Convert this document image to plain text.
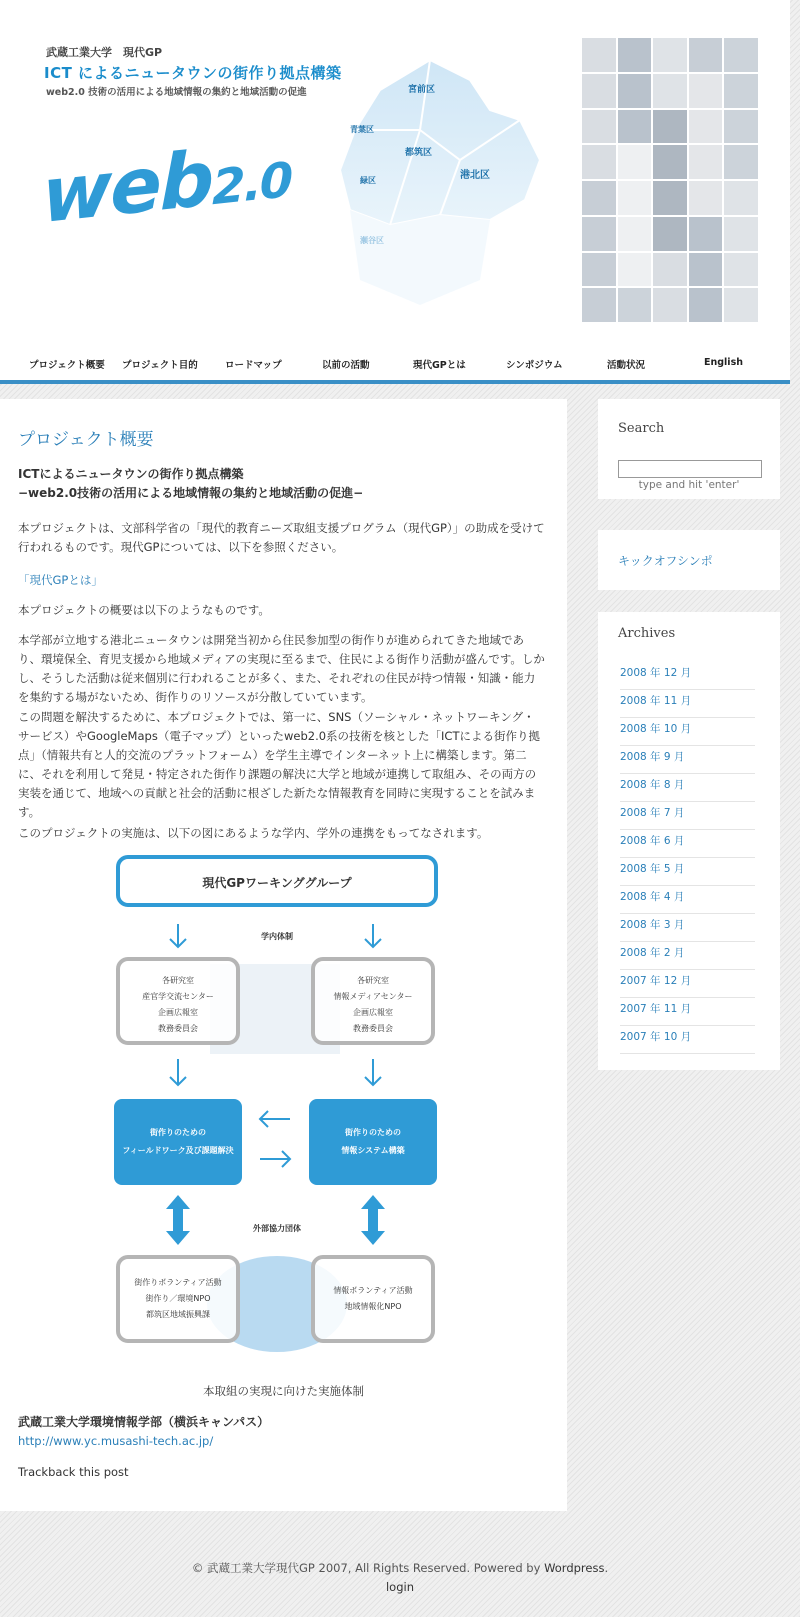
武蔵工業大学　現代GP
ICT によるニュータウンの街作り拠点構築
web2.0 技術の活用による地域情報の集約と地域活動の促進
web2.0
宮前区
青葉区
都筑区
港北区
緑区
瀬谷区
プロジェクト概要 プロジェクト目的	ロードマップ	以前の活動	現代GPとは	シンポジウム	活動状況	English
プロジェクト概要
ICTによるニュータウンの街作り拠点構築
−web2.0技術の活用による地域情報の集約と地域活動の促進−
本プロジェクトは、文部科学省の「現代的教育ニーズ取組支援プログラム（現代GP）」の助成を受けて行われるものです。現代GPについては、以下を参照ください。
「現代GPとは」
本プロジェクトの概要は以下のようなものです。
本学部が立地する港北ニュータウンは開発当初から住民参加型の街作りが進められてきた地域であり、環境保全、育児支援から地域メディアの実現に至るまで、住民による街作り活動が盛んです。しかし、そうした活動は従来個別に行われることが多く、また、それぞれの住民が持つ情報・知識・能力を集約する場がないため、街作りのリソースが分散していています。
この問題を解決するために、本プロジェクトでは、第一に、SNS（ソーシャル・ネットワーキング・サービス）やGoogleMaps（電子マップ）といったweb2.0系の技術を核とした「ICTによる街作り拠点」（情報共有と人的交流のプラットフォーム）を学生主導でインターネット上に構築します。第二に、それを利用して発見・特定された街作り課題の解決に大学と地域が連携して取組み、その両方の実装を通じて、地域への貢献と社会的活動に根ざした新たな情報教育を同時に実現することを試みます。
このプロジェクトの実施は、以下の図にあるような学内、学外の連携をもってなされます。
現代GPワーキンググループ
学内体制
各研究室
産官学交流センター
企画広報室
教務委員会
各研究室
情報メディアセンター
企画広報室
教務委員会
街作りのための
フィールドワーク及び課題解決
街作りのための
情報システム構築
外部協力団体
街作りボランティア活動
街作り／環境NPO
都筑区地域振興課
情報ボランティア活動
地域情報化NPO
本取組の実現に向けた実施体制
武蔵工業大学環境情報学部（横浜キャンパス）
http://www.yc.musashi-tech.ac.jp/
Trackback this post
Search
type and hit 'enter'
キックオフシンポ
Archives
2008 年 12 月
2008 年 11 月
2008 年 10 月
2008 年 9 月
2008 年 8 月
2008 年 7 月
2008 年 6 月
2008 年 5 月
2008 年 4 月
2008 年 3 月
2008 年 2 月
2007 年 12 月
2007 年 11 月
2007 年 10 月
© 武蔵工業大学現代GP 2007, All Rights Reserved. Powered by Wordpress.
login
